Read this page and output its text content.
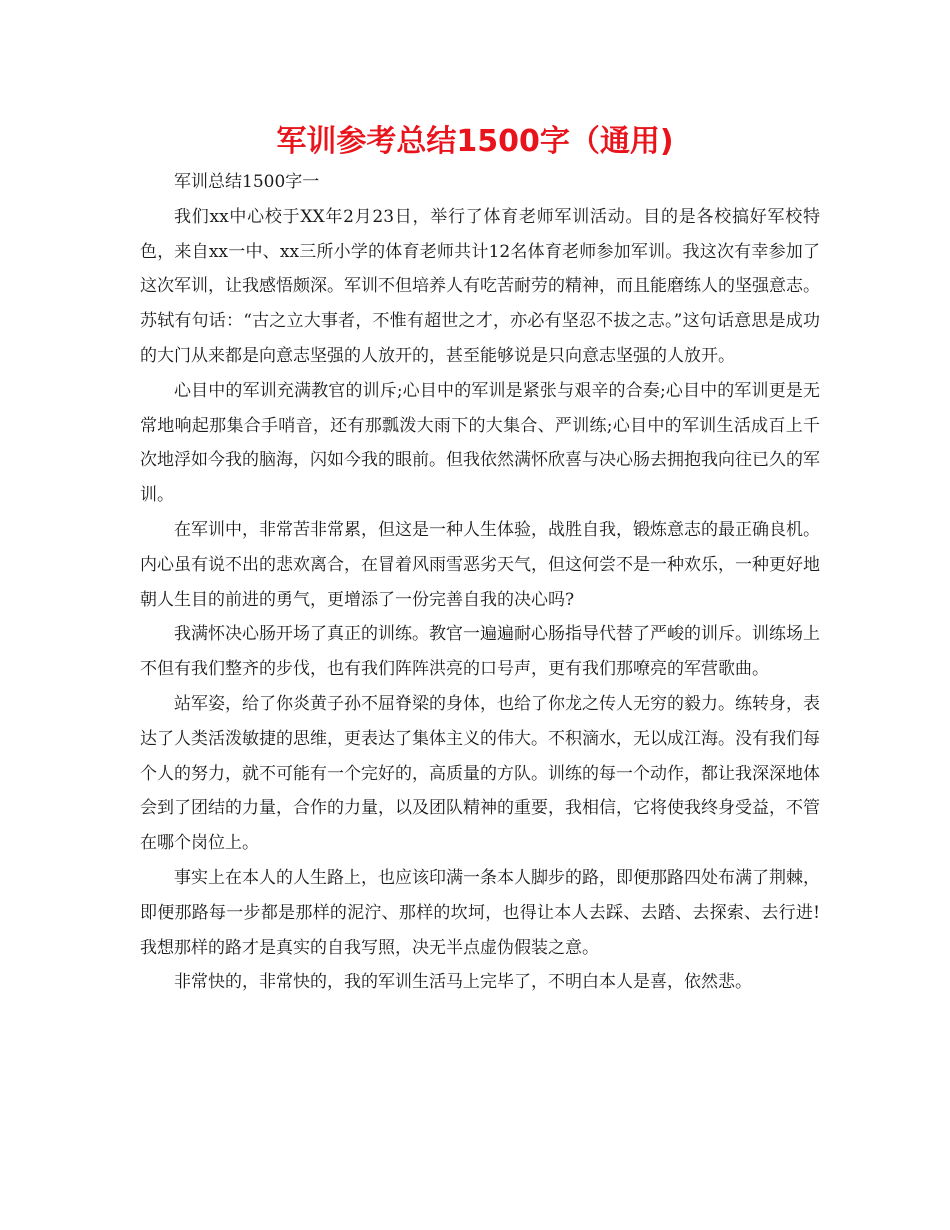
军训参考总结1500字（通用)

军训总结1500字一

我们xx中心校于XX年2月23日，举行了体育老师军训活动。目的是各校搞好军校特色，来自xx一中、xx三所小学的体育老师共计12名体育老师参加军训。我这次有幸参加了这次军训，让我感悟颇深。军训不但培养人有吃苦耐劳的精神，而且能磨练人的坚强意志。苏轼有句话：“古之立大事者，不惟有超世之才，亦必有坚忍不拔之志。”这句话意思是成功的大门从来都是向意志坚强的人放开的，甚至能够说是只向意志坚强的人放开。

心目中的军训充满教官的训斥;心目中的军训是紧张与艰辛的合奏;心目中的军训更是无常地响起那集合手哨音，还有那瓢泼大雨下的大集合、严训练;心目中的军训生活成百上千次地浮如今我的脑海，闪如今我的眼前。但我依然满怀欣喜与决心肠去拥抱我向往已久的军训。

在军训中，非常苦非常累，但这是一种人生体验，战胜自我，锻炼意志的最正确良机。内心虽有说不出的悲欢离合，在冒着风雨雪恶劣天气，但这何尝不是一种欢乐，一种更好地朝人生目的前进的勇气，更增添了一份完善自我的决心吗?

我满怀决心肠开场了真正的训练。教官一遍遍耐心肠指导代替了严峻的训斥。训练场上不但有我们整齐的步伐，也有我们阵阵洪亮的口号声，更有我们那嘹亮的军营歌曲。

站军姿，给了你炎黄子孙不屈脊梁的身体，也给了你龙之传人无穷的毅力。练转身，表达了人类活泼敏捷的思维，更表达了集体主义的伟大。不积滴水，无以成江海。没有我们每个人的努力，就不可能有一个完好的，高质量的方队。训练的每一个动作，都让我深深地体会到了团结的力量，合作的力量，以及团队精神的重要，我相信，它将使我终身受益，不管在哪个岗位上。

事实上在本人的人生路上，也应该印满一条本人脚步的路，即便那路四处布满了荆棘，即便那路每一步都是那样的泥泞、那样的坎坷，也得让本人去踩、去踏、去探索、去行进!我想那样的路才是真实的自我写照，决无半点虚伪假装之意。

非常快的，非常快的，我的军训生活马上完毕了，不明白本人是喜，依然悲。
